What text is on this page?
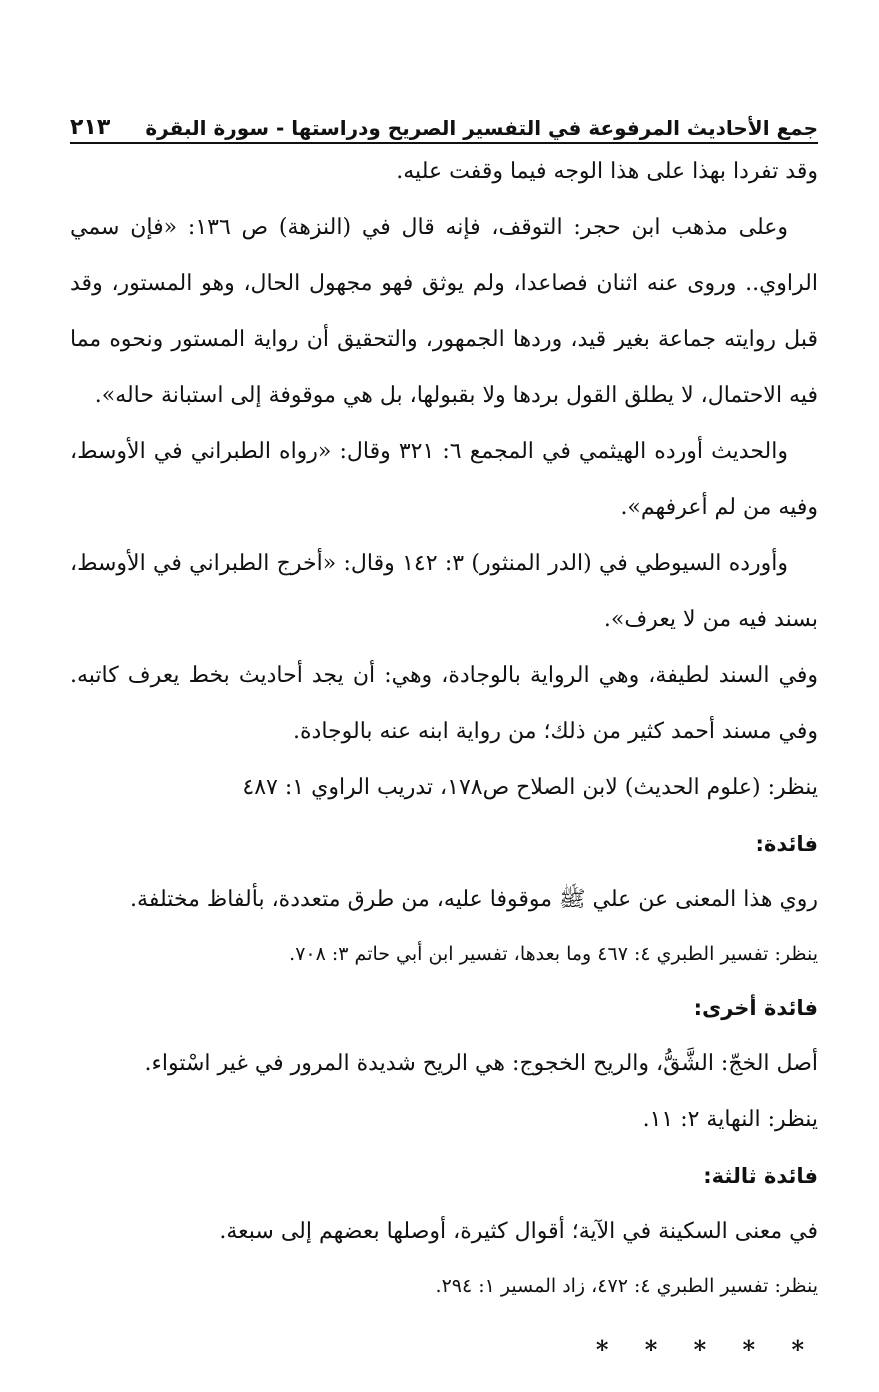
جمع الأحاديث المرفوعة في التفسير الصريح ودراستها - سورة البقرة
٢١٣

وقد تفردا بهذا على هذا الوجه فيما وقفت عليه.

وعلى مذهب ابن حجر: التوقف، فإنه قال في (النزهة) ص ١٣٦: «فإن سمي الراوي.. وروى عنه اثنان فصاعدا، ولم يوثق فهو مجهول الحال، وهو المستور، وقد قبل روايته جماعة بغير قيد، وردها الجمهور، والتحقيق أن رواية المستور ونحوه مما فيه الاحتمال، لا يطلق القول بردها ولا بقبولها، بل هي موقوفة إلى استبانة حاله».

والحديث أورده الهيثمي في المجمع ٦: ٣٢١ وقال: «رواه الطبراني في الأوسط، وفيه من لم أعرفهم».

وأورده السيوطي في (الدر المنثور) ٣: ١٤٢ وقال: «أخرج الطبراني في الأوسط، بسند فيه من لا يعرف».

وفي السند لطيفة، وهي الرواية بالوجادة، وهي: أن يجد أحاديث بخط يعرف كاتبه. وفي مسند أحمد كثير من ذلك؛ من رواية ابنه عنه بالوجادة.

ينظر: (علوم الحديث) لابن الصلاح ص١٧٨، تدريب الراوي ١: ٤٨٧

فائدة:

روي هذا المعنى عن علي ﷺ موقوفا عليه، من طرق متعددة، بألفاظ مختلفة.

ينظر: تفسير الطبري ٤: ٤٦٧ وما بعدها، تفسير ابن أبي حاتم ٣: ٧٠٨.

فائدة أخرى:

أصل الخجّ: الشَّقُّ، والريح الخجوج: هي الريح شديدة المرور في غير اسْتواء.

ينظر: النهاية ٢: ١١.

فائدة ثالثة:

في معنى السكينة في الآية؛ أقوال كثيرة، أوصلها بعضهم إلى سبعة.

ينظر: تفسير الطبري ٤: ٤٧٢، زاد المسير ١: ٢٩٤.

* * * * *
